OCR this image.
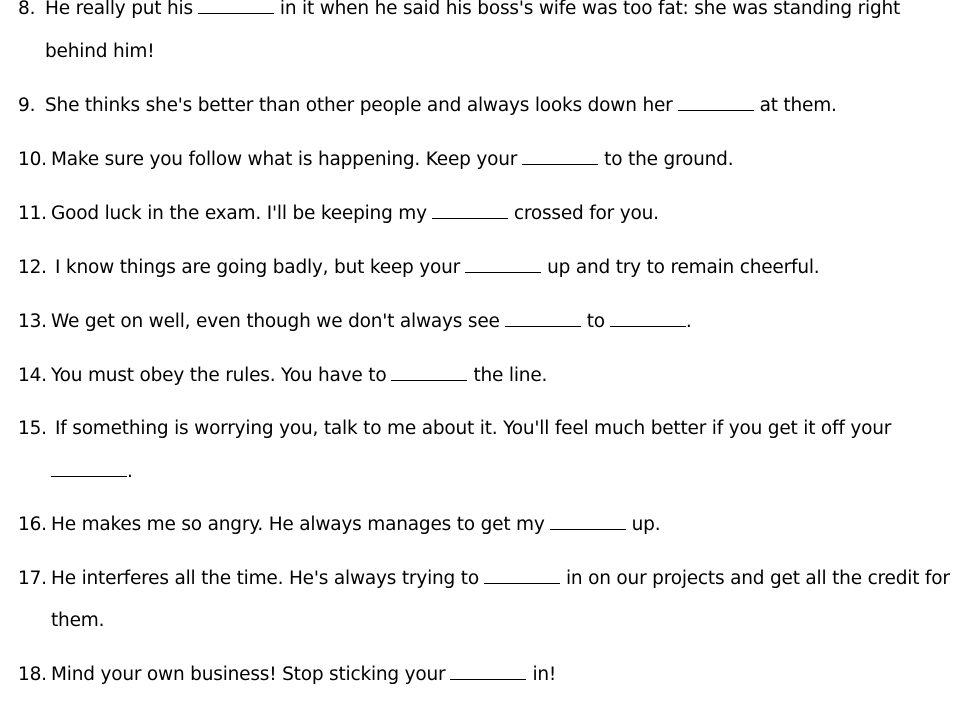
8. He really put his	in it when he said his boss's wife was too fat: she was standing right
behind him!
9. She thinks she's better than other people and always looks down her	at them.
10. Make sure you follow what is happening. Keep your	to the ground.
11. Good luck in the exam. I'll be keeping my	crossed for you.
12. I know things are going badly, but keep your	up and try to remain cheerful.
13. We get on well, even though we don't always see	to	.
14. You must obey the rules. You have to	the line.
15. If something is worrying you, talk to me about it. You'll feel much better if you get it off your
.
16. He makes me so angry. He always manages to get my	up.
17. He interferes all the time. He's always trying to	in on our projects and get all the credit for
them.
18. Mind your own business! Stop sticking your	in!
